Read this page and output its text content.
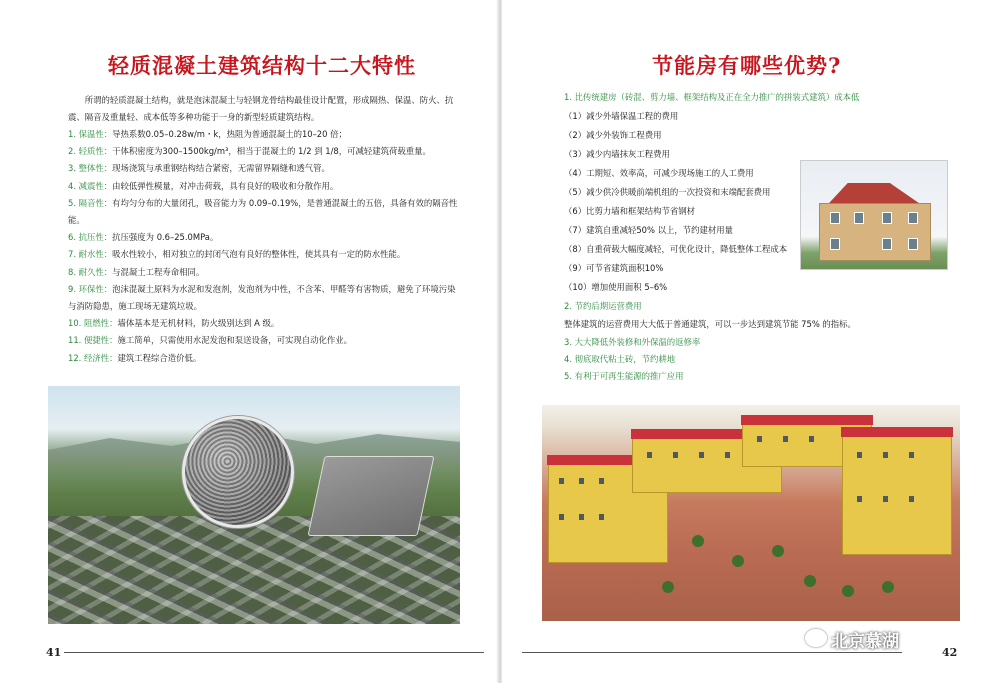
轻质混凝土建筑结构十二大特性

所谓的轻质混凝土结构，就是泡沫混凝土与轻钢龙骨结构最佳设计配置，形成隔热、保温、防火、抗震、隔音及重量轻、成本低等多种功能于一身的新型轻质建筑结构。

1. 保温性：导热系数0.05–0.28w/m・k，热阻为普通混凝土的10–20 倍；
2. 轻质性：干体积密度为300–1500kg/m³，相当于混凝土的 1/2 到 1/8，可减轻建筑荷载重量。
3. 整体性：现场浇筑与承重钢结构结合紧密，无需留界隔缝和透气管。
4. 减震性：由较低弹性模量，对冲击荷载，具有良好的吸收和分散作用。
5. 隔音性：有均匀分布的大量闭孔，吸音能力为 0.09–0.19%，是普通混凝土的五倍，具备有效的隔音性能。
6. 抗压性：抗压强度为 0.6–25.0MPa。
7. 耐水性：吸水性较小，相对独立的封闭气泡有良好的整体性，使其具有一定的防水性能。
8. 耐久性：与混凝土工程寿命相同。
9. 环保性：泡沫混凝土原料为水泥和发泡剂，发泡剂为中性，不含苯、甲醛等有害物质，避免了环境污染与消防隐患，施工现场无建筑垃圾。
10. 阻燃性：墙体基本是无机材料，防火级别达到 A 级。
11. 便捷性：施工简单，只需使用水泥发泡和泵送设备，可实现自动化作业。
12. 经济性：建筑工程综合造价低。
41
节能房有哪些优势?
1. 比传统建房（砖混、剪力墙、框架结构及正在全力推广的拼装式建筑）成本低
（1）减少外墙保温工程的费用
（2）减少外装饰工程费用
（3）减少内墙抹灰工程费用
（4）工期短、效率高，可减少现场施工的人工费用
（5）减少供冷供暖前端机组的一次投资和末端配套费用
（6）比剪力墙和框架结构节省钢材
（7）建筑自重减轻50% 以上，节约建材用量
（8）自重荷载大幅度减轻，可优化设计，降低整体工程成本
（9）可节省建筑面积10%
（10）增加使用面积 5–6%
2. 节约后期运营费用
整体建筑的运营费用大大低于普通建筑，可以一步达到建筑节能 75% 的指标。
3. 大大降低外装修和外保温的返修率
4. 彻底取代粘土砖，节约耕地
5. 有利于可再生能源的推广应用
42
北京慕湖
